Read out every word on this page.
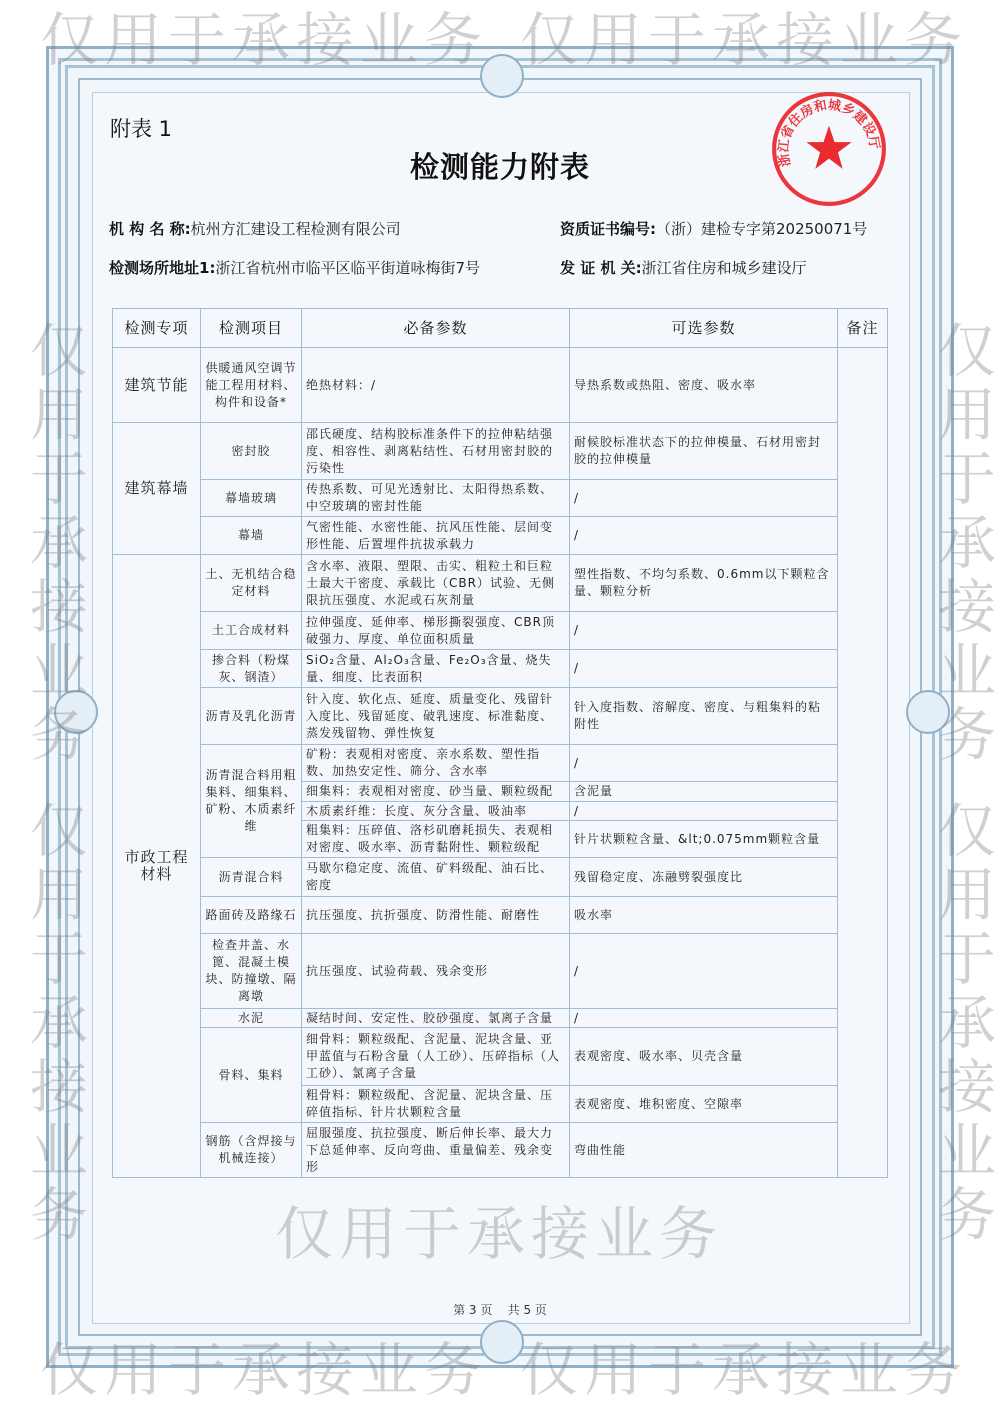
附表 1
检测能力附表
机 构 名 称:杭州方汇建设工程检测有限公司	资质证书编号:（浙）建检专字第20250071号
检测场所地址1:浙江省杭州市临平区临平街道咏梅街7号	发 证 机 关:浙江省住房和城乡建设厅
检测专项	检测项目	必备参数	可选参数	备注
建筑节能	供暖通风空调节能工程用材料、构件和设备*	绝热材料：/	导热系数或热阻、密度、吸水率	
建筑幕墙	密封胶	邵氏硬度、结构胶标准条件下的拉伸粘结强度、相容性、剥离粘结性、石材用密封胶的污染性	耐候胶标准状态下的拉伸模量、石材用密封胶的拉伸模量	
	幕墙玻璃	传热系数、可见光透射比、太阳得热系数、中空玻璃的密封性能	/	
	幕墙	气密性能、水密性能、抗风压性能、层间变形性能、后置埋件抗拔承载力	/	
市政工程材料	土、无机结合稳定材料	含水率、液限、塑限、击实、粗粒土和巨粒土最大干密度、承载比（CBR）试验、无侧限抗压强度、水泥或石灰剂量	塑性指数、不均匀系数、0.6mm以下颗粒含量、颗粒分析	
	土工合成材料	拉伸强度、延伸率、梯形撕裂强度、CBR顶破强力、厚度、单位面积质量	/	
	掺合料（粉煤灰、钢渣）	SiO₂含量、Al₂O₃含量、Fe₂O₃含量、烧失量、细度、比表面积	/	
	沥青及乳化沥青	针入度、软化点、延度、质量变化、残留针入度比、残留延度、破乳速度、标准黏度、蒸发残留物、弹性恢复	针入度指数、溶解度、密度、与粗集料的粘附性	
	沥青混合料用粗集料、细集料、矿粉、木质素纤维	矿粉：表观相对密度、亲水系数、塑性指数、加热安定性、筛分、含水率	/	
		细集料：表观相对密度、砂当量、颗粒级配	含泥量	
		木质素纤维：长度、灰分含量、吸油率	/	
		粗集料：压碎值、洛杉矶磨耗损失、表观相对密度、吸水率、沥青黏附性、颗粒级配	针片状颗粒含量、&lt;0.075mm颗粒含量	
	沥青混合料	马歇尔稳定度、流值、矿料级配、油石比、密度	残留稳定度、冻融劈裂强度比	
	路面砖及路缘石	抗压强度、抗折强度、防滑性能、耐磨性	吸水率	
	检查井盖、水篦、混凝土模块、防撞墩、隔离墩	抗压强度、试验荷载、残余变形	/	
	水泥	凝结时间、安定性、胶砂强度、氯离子含量	/	
	骨料、集料	细骨料：颗粒级配、含泥量、泥块含量、亚甲蓝值与石粉含量（人工砂）、压碎指标（人工砂）、氯离子含量	表观密度、吸水率、贝壳含量	
		粗骨料：颗粒级配、含泥量、泥块含量、压碎值指标、针片状颗粒含量	表观密度、堆积密度、空隙率	
	钢筋（含焊接与机械连接）	屈服强度、抗拉强度、断后伸长率、最大力下总延伸率、反向弯曲、重量偏差、残余变形	弯曲性能	
浙江省住房和城乡建设厅
第 3 页 共 5 页
仅用于承接业务 仅用于承接业务
仅用于承接业务
仅用于承接业务
仅用于承接业务
仅用于承接业务
仅用于承接业务
仅用于承接业务 仅用于承接业务
